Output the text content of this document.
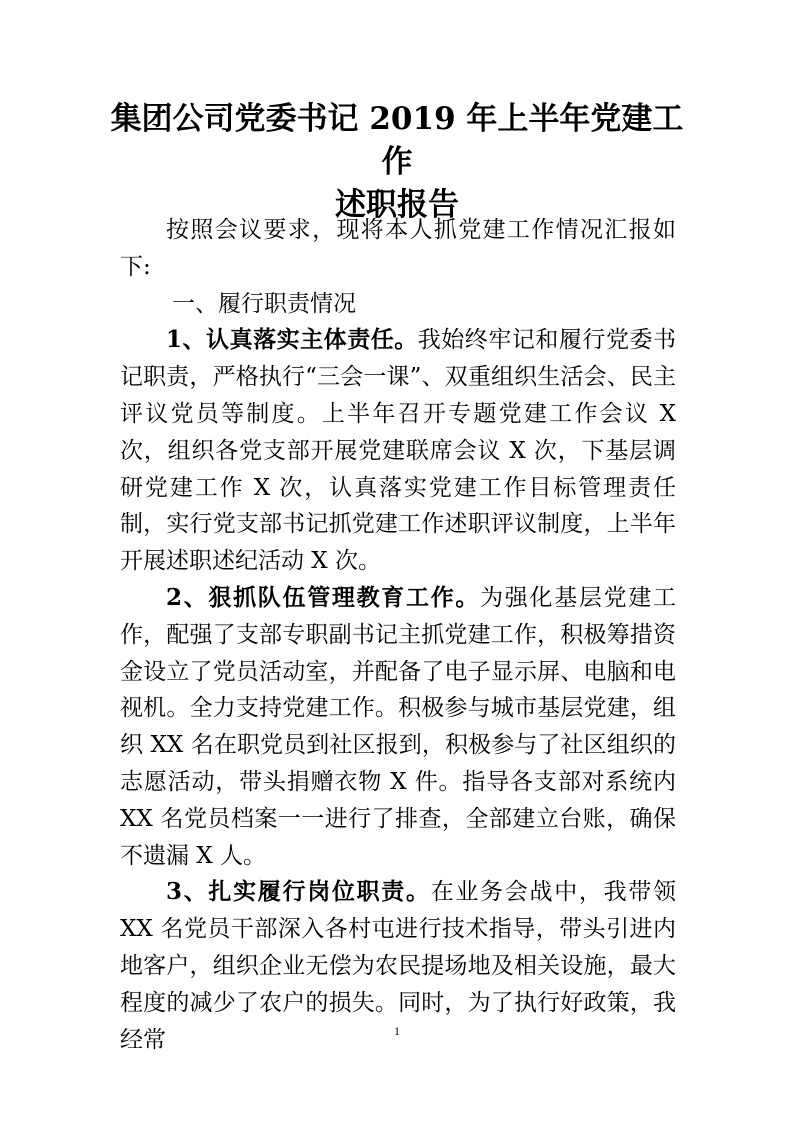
集团公司党委书记 2019 年上半年党建工作
述职报告

按照会议要求，现将本人抓党建工作情况汇报如下:

一、履行职责情况

1、认真落实主体责任。我始终牢记和履行党委书记职责，严格执行“三会一课”、双重组织生活会、民主评议党员等制度。上半年召开专题党建工作会议 X 次，组织各党支部开展党建联席会议 X 次，下基层调研党建工作 X 次，认真落实党建工作目标管理责任制，实行党支部书记抓党建工作述职评议制度，上半年开展述职述纪活动 X 次。

2、狠抓队伍管理教育工作。为强化基层党建工作，配强了支部专职副书记主抓党建工作，积极筹措资金设立了党员活动室，并配备了电子显示屏、电脑和电视机。全力支持党建工作。积极参与城市基层党建，组织 XX 名在职党员到社区报到，积极参与了社区组织的志愿活动，带头捐赠衣物 X 件。指导各支部对系统内 XX 名党员档案一一进行了排查，全部建立台账，确保不遗漏 X 人。

3、扎实履行岗位职责。在业务会战中，我带领 XX 名党员干部深入各村屯进行技术指导，带头引进内地客户，组织企业无偿为农民提场地及相关设施，最大程度的减少了农户的损失。同时，为了执行好政策，我经常	1
